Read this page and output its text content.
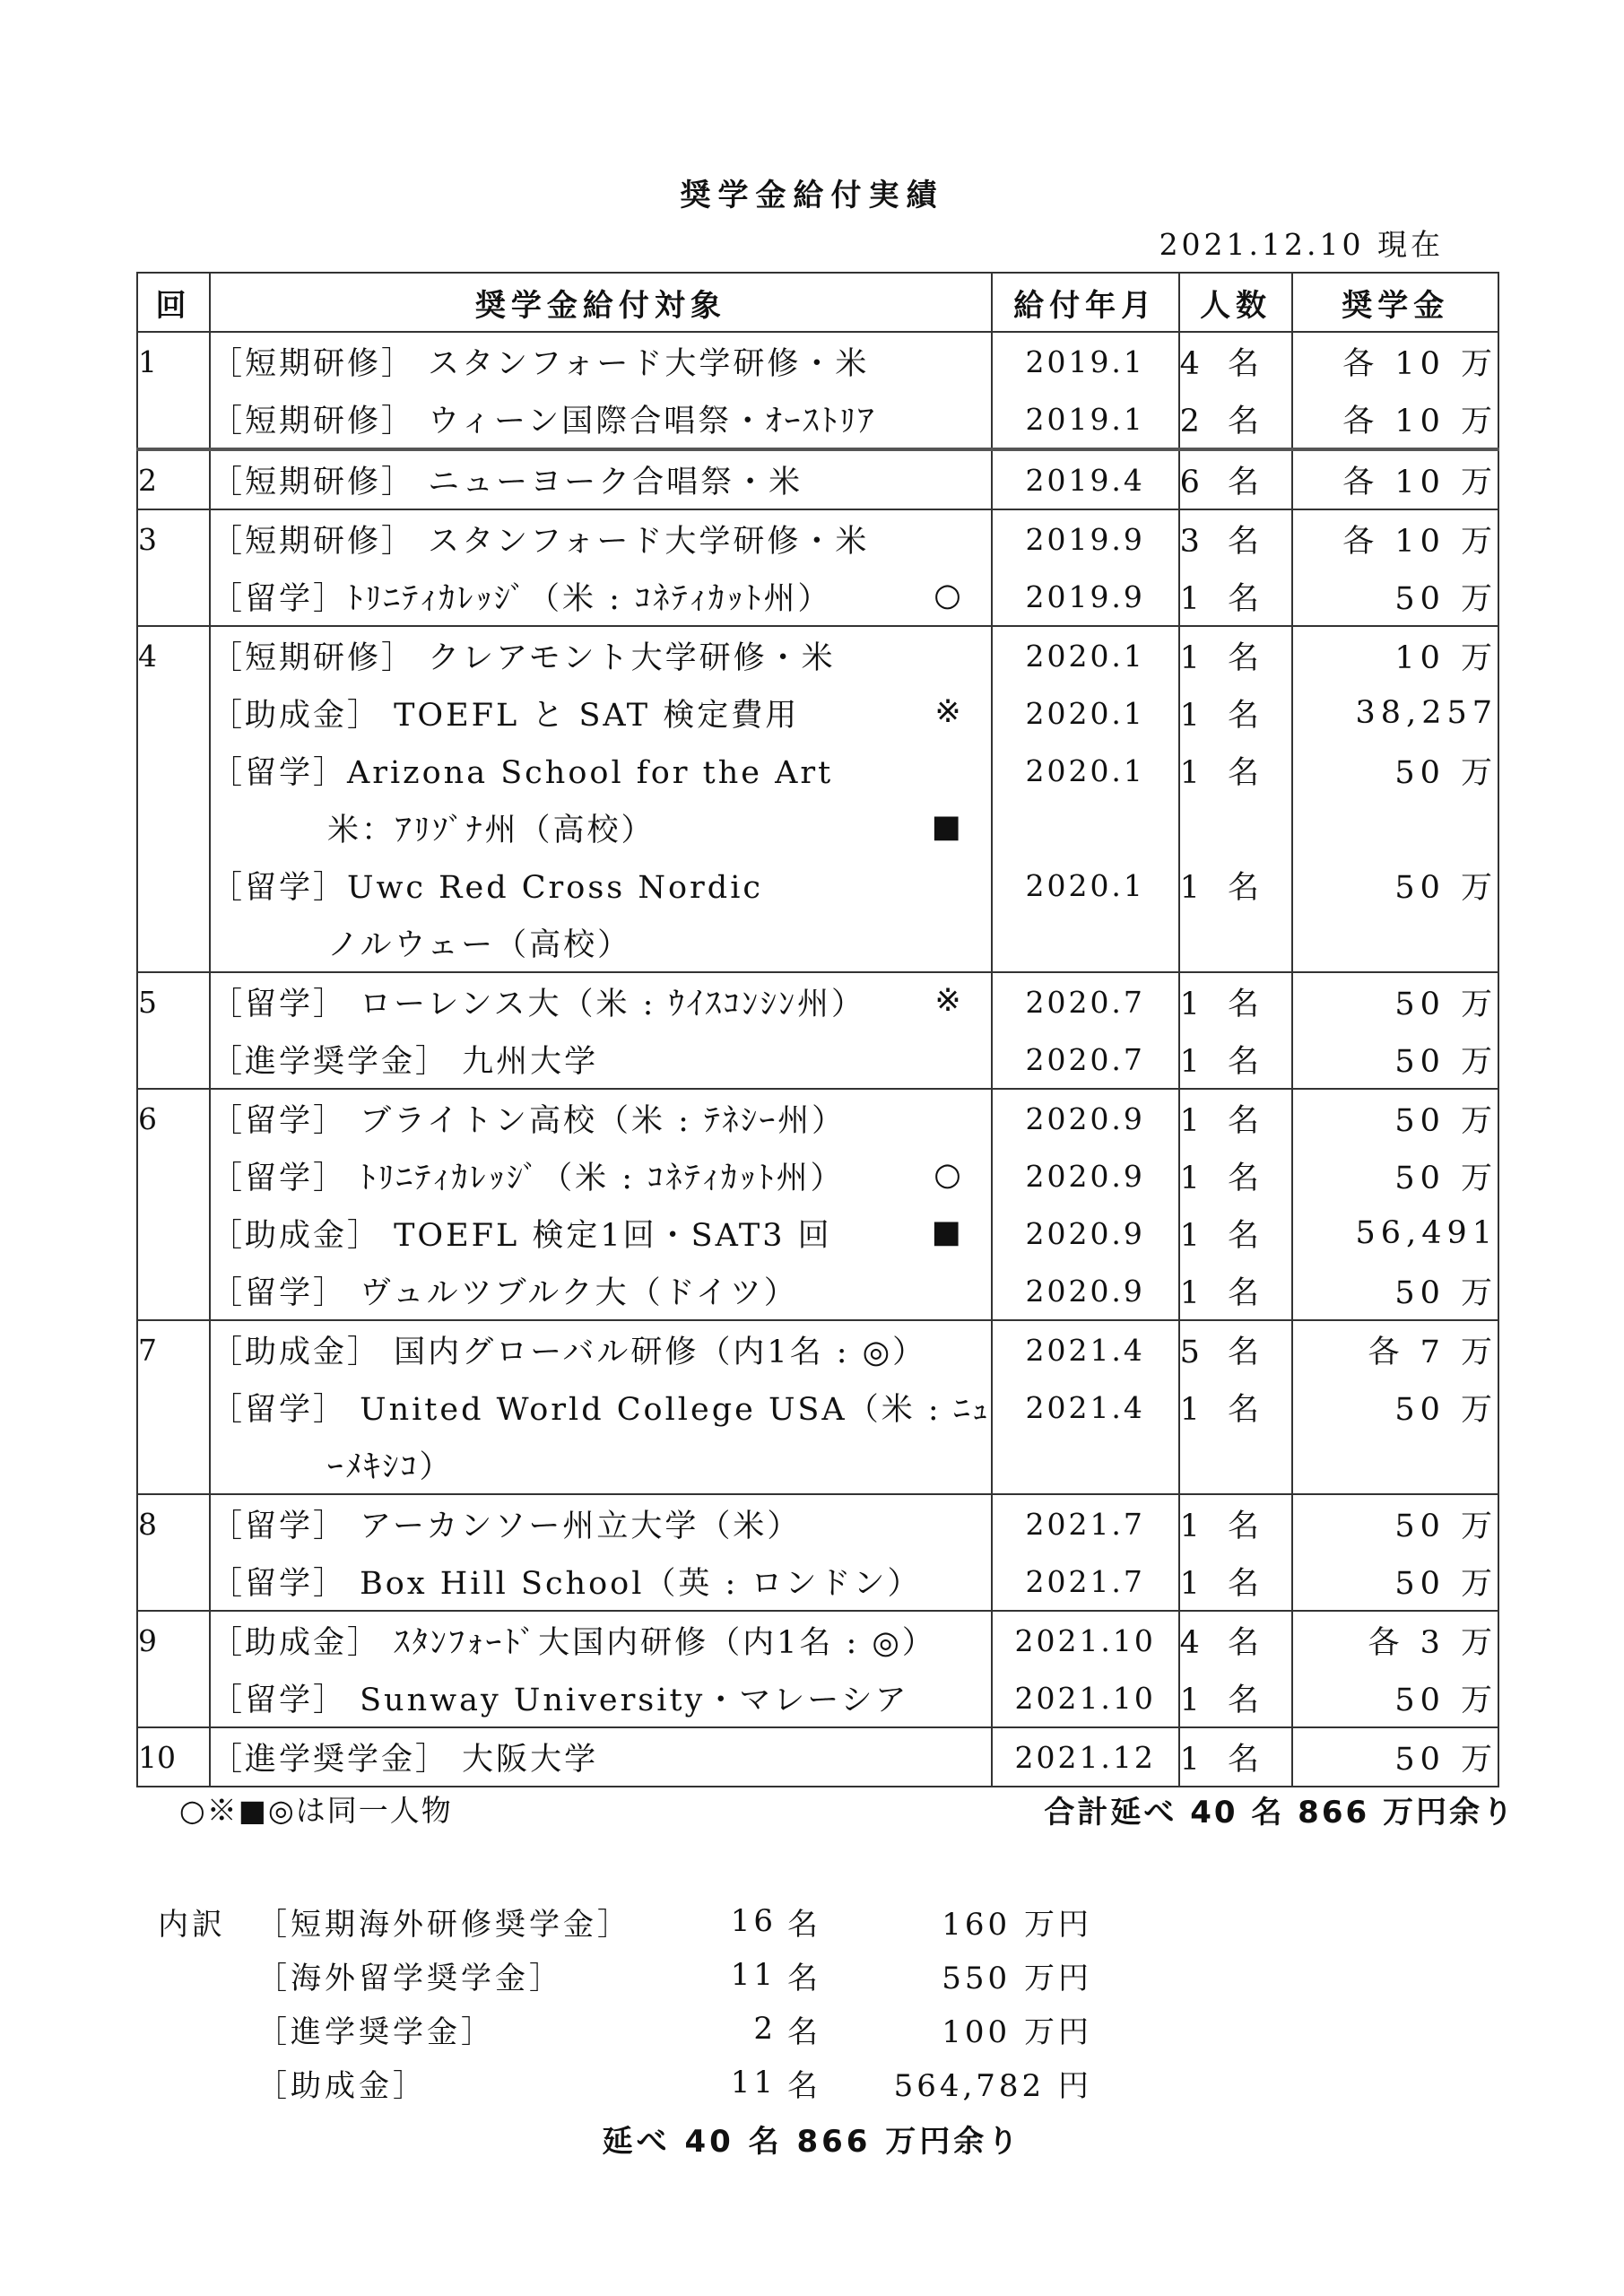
奨学金給付実績
2021.12.10 現在
回	奨学金給付対象	給付年月	人数	奨学金
1	［短期研修］ スタンフォード大学研修・米	2019.1	4 名	各 10 万
	［短期研修］ ウィーン国際合唱祭・ｵｰｽﾄﾘｱ	2019.1	2 名	各 10 万
2	［短期研修］ ニューヨーク合唱祭・米	2019.4	6 名	各 10 万
3	［短期研修］ スタンフォード大学研修・米	2019.9	3 名	各 10 万
	［留学］ﾄﾘﾆﾃｨｶﾚｯｼﾞ（米 : ｺﾈﾃｨｶｯﾄ州） ○	2019.9	1 名	50 万
4	［短期研修］ クレアモント大学研修・米	2020.1	1 名	10 万
	［助成金］ TOEFL と SAT 検定費用 ※	2020.1	1 名	38,257
	［留学］Arizona School for the Art	2020.1	1 名	50 万
	米：ｱﾘｿﾞﾅ州（高校） ■			

	［留学］Uwc Red Cross Nordic	2020.1	1 名	50 万
	ノルウェー（高校）			
5	［留学］ ローレンス大（米 : ｳｲｽｺﾝｼﾝ州） ※	2020.7	1 名	50 万
	［進学奨学金］ 九州大学	2020.7	1 名	50 万
6	［留学］ ブライトン高校（米 : ﾃﾈｼｰ州）	2020.9	1 名	50 万
	［留学］ ﾄﾘﾆﾃｨｶﾚｯｼﾞ（米 : ｺﾈﾃｨｶｯﾄ州） ○	2020.9	1 名	50 万
	［助成金］ TOEFL 検定1回・SAT3 回 ■	2020.9	1 名	56,491
	［留学］ ヴュルツブルク大（ドイツ）	2020.9	1 名	50 万
7	［助成金］ 国内グローバル研修（内1名 : ◎）	2021.4	5 名	各 7 万
	［留学］ United World College USA（米 : ﾆｭ	2021.4	1 名	50 万
	ｰﾒｷｼｺ）			
8	［留学］ アーカンソー州立大学（米）	2021.7	1 名	50 万
	［留学］ Box Hill School（英 : ロンドン）	2021.7	1 名	50 万
9	［助成金］ ｽﾀﾝﾌｫｰﾄﾞ大国内研修（内1名 : ◎）	2021.10	4 名	各 3 万
	［留学］ Sunway University・マレーシア	2021.10	1 名	50 万
10	［進学奨学金］ 大阪大学	2021.12	1 名	50 万
○※■◎は同一人物	合計延べ 40 名 866 万円余り
内訳	［短期海外研修奨学金］	16	名	160 万円
	［海外留学奨学金］	11	名	550 万円
	［進学奨学金］	2	名	100 万円
	［助成金］	11	名	564,782 円
延べ 40 名 866 万円余り
